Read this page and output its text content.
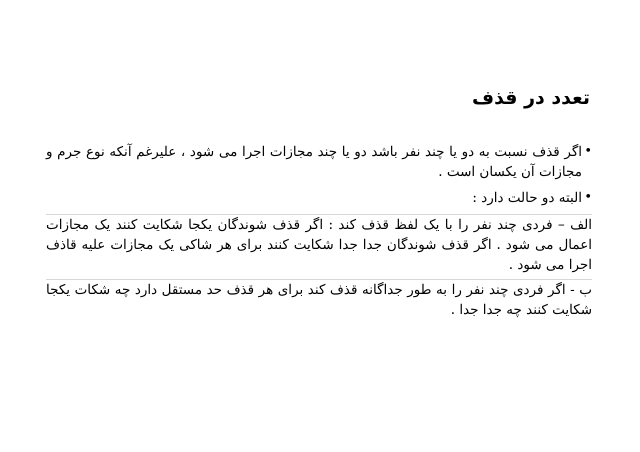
تعدد در قذف
•
اگر قذف نسبت به دو یا چند نفر باشد دو یا چند مجازات اجرا می شود ، علیرغم آنکه نوع جرم و مجازات آن یکسان است .
•
البته دو حالت دارد :

الف – فردی چند نفر را با یک لفظ قذف کند : اگر قذف شوندگان یکجا شکایت کنند یک مجازات اعمال می شود . اگر قذف شوندگان جدا جدا شکایت کنند برای هر شاکی یک مجازات علیه قاذف اجرا می شود .

ب - اگر فردی چند نفر را به طور جداگانه قذف کند برای هر قذف حد مستقل دارد چه شکات یکجا شکایت کنند چه جدا جدا .
